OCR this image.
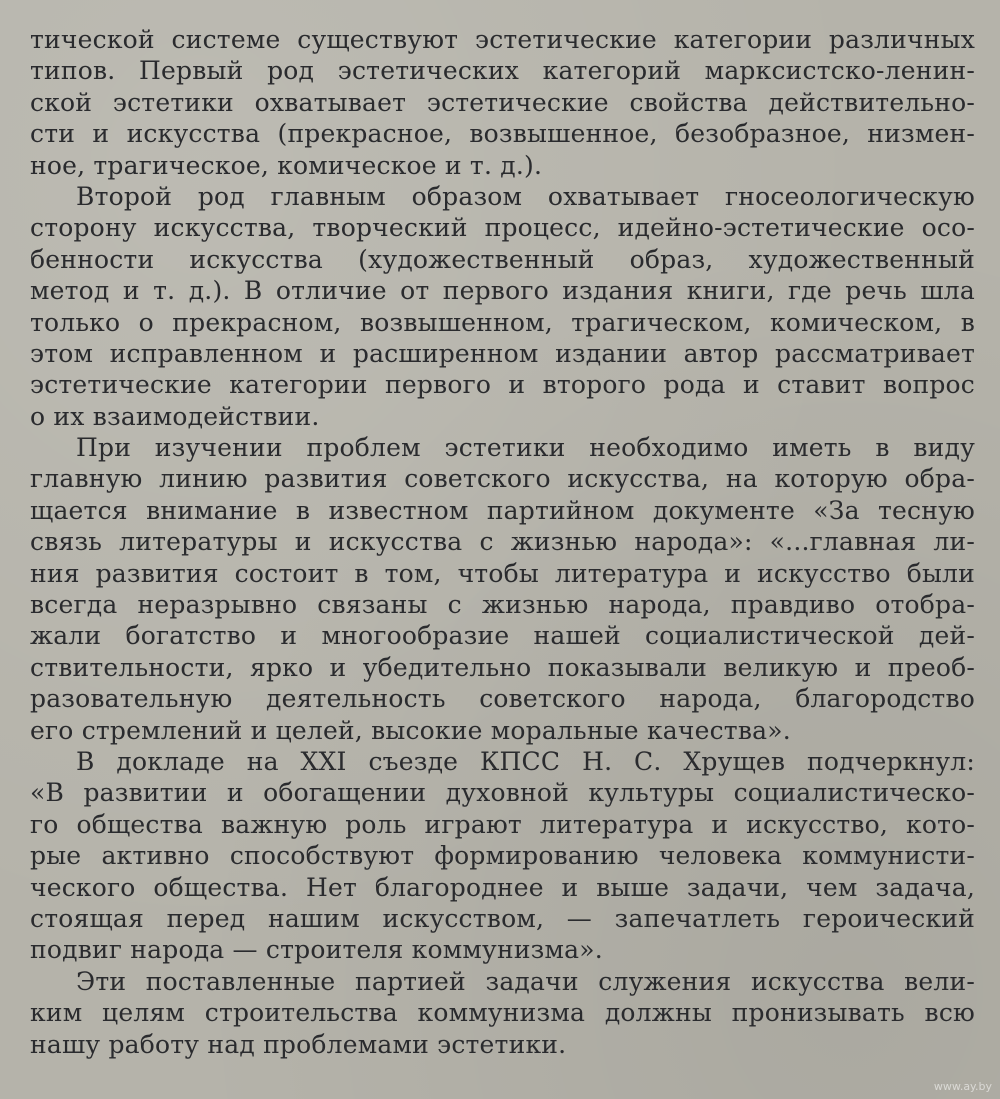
тической системе существуют эстетические категории различных
типов. Первый род эстетических категорий марксистско-ленин-
ской эстетики охватывает эстетические свойства действительно-
сти и искусства (прекрасное, возвышенное, безобразное, низмен-
ное, трагическое, комическое и т. д.).
Второй род главным образом охватывает гносеологическую
сторону искусства, творческий процесс, идейно-эстетические осо-
бенности искусства (художественный образ, художественный
метод и т. д.). В отличие от первого издания книги, где речь шла
только о прекрасном, возвышенном, трагическом, комическом, в
этом исправленном и расширенном издании автор рассматривает
эстетические категории первого и второго рода и ставит вопрос
о их взаимодействии.
При изучении проблем эстетики необходимо иметь в виду
главную линию развития советского искусства, на которую обра-
щается внимание в известном партийном документе «За тесную
связь литературы и искусства с жизнью народа»: «...главная ли-
ния развития состоит в том, чтобы литература и искусство были
всегда неразрывно связаны с жизнью народа, правдиво отобра-
жали богатство и многообразие нашей социалистической дей-
ствительности, ярко и убедительно показывали великую и преоб-
разовательную деятельность советского народа, благородство
его стремлений и целей, высокие моральные качества».
В докладе на XXI съезде КПСС Н. С. Хрущев подчеркнул:
«В развитии и обогащении духовной культуры социалистическо-
го общества важную роль играют литература и искусство, кото-
рые активно способствуют формированию человека коммунисти-
ческого общества. Нет благороднее и выше задачи, чем задача,
стоящая перед нашим искусством, — запечатлеть героический
подвиг народа — строителя коммунизма».
Эти поставленные партией задачи служения искусства вели-
ким целям строительства коммунизма должны пронизывать всю
нашу работу над проблемами эстетики.
www.ay.by
